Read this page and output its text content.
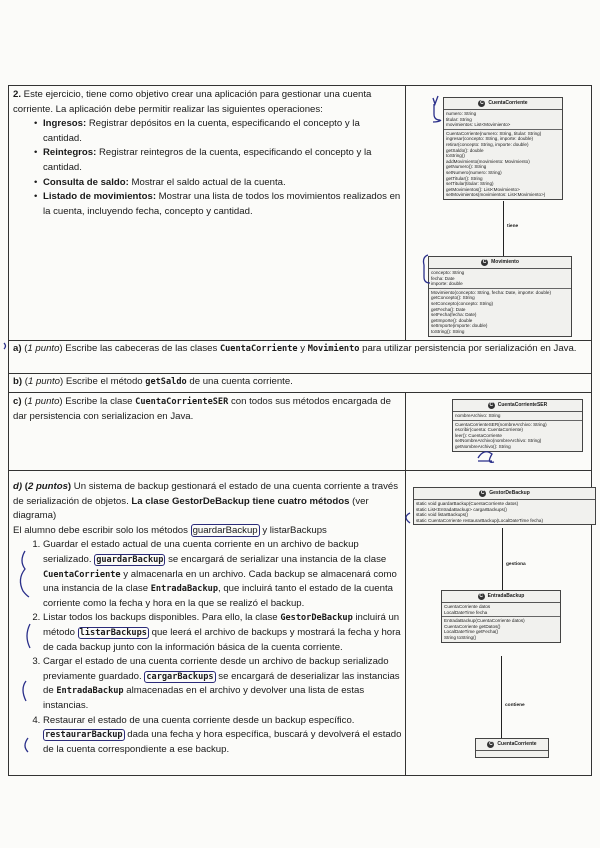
2. Este ejercicio, tiene como objetivo crear una aplicación para gestionar una cuenta corriente. La aplicación debe permitir realizar las siguientes operaciones:
• Ingresos: Registrar depósitos en la cuenta, especificando el concepto y la cantidad.
• Reintegros: Registrar reintegros de la cuenta, especificando el concepto y la cantidad.
• Consulta de saldo: Mostrar el saldo actual de la cuenta.
• Listado de movimientos: Mostrar una lista de todos los movimientos realizados en la cuenta, incluyendo fecha, concepto y cantidad.
C CuentaCorriente
numero: String
titular: String
movimientos: List<Movimiento>
CuentaCorriente(numero: String, titular: String)
ingresar(concepto: String, importe: double)
retirar(concepto: String, importe: double)
getSaldo(): double
toString()
addMovimiento(movimiento: Movimiento)
getNumero(): String
setNumero(numero: String)
getTitular(): String
setTitular(titular: String)
getMovimientos(): List<Movimiento>
setMovimientos(movimientos: List<Movimiento>)
tiene
C Movimiento
concepto: String
fecha: Date
importe: double
Movimiento(concepto: String, fecha: Date, importe: double)
getConcepto(): String
setConcepto(concepto: String)
getFecha(): Date
setFecha(fecha: Date)
getImporte(): double
setImporte(importe: double)
toString(): String
a) (1 punto) Escribe las cabeceras de las clases CuentaCorriente y Movimiento para utilizar persistencia por serialización en Java.
b) (1 punto) Escribe el método getSaldo de una cuenta corriente.
c) (1 punto) Escribe la clase CuentaCorrienteSER con todos sus métodos encargada de dar persistencia con serializacion en Java.
C CuentaCorrienteSER
nombreArchivo: String
CuentaCorrienteSER(nombreArchivo: String)
escribir(cuenta: CuentaCorriente)
leer(): CuentaCorriente
setNombreArchivo(nombreArchivo: String)
getNombreArchivo(): String
d) (2 puntos) Un sistema de backup gestionará el estado de una cuenta corriente a través de serialización de objetos. La clase GestorDeBackup tiene cuatro métodos (ver diagrama)
El alumno debe escribir solo los métodos guardarBackup y listarBackups
1. Guardar el estado actual de una cuenta corriente en un archivo de backup serializado. guardarBackup se encargará de serializar una instancia de la clase CuentaCorriente y almacenarla en un archivo. Cada backup se almacenará como una instancia de la clase EntradaBackup, que incluirá tanto el estado de la cuenta corriente como la fecha y hora en la que se realizó el backup.
2. Listar todos los backups disponibles. Para ello, la clase GestorDeBackup incluirá un método listarBackups que leerá el archivo de backups y mostrará la fecha y hora de cada backup junto con la información básica de la cuenta corriente.
3. Cargar el estado de una cuenta corriente desde un archivo de backup serializado previamente guardado. cargarBackups se encargará de deserializar las instancias de EntradaBackup almacenadas en el archivo y devolver una lista de estas instancias.
4. Restaurar el estado de una cuenta corriente desde un backup específico. restaurarBackup dada una fecha y hora específica, buscará y devolverá el estado de la cuenta correspondiente a ese backup.
C GestorDeBackup
static void guardarBackup(CuentaCorriente datos)
static List<EntradaBackup> cargarBackups()
static void listarBackups()
static CuentaCorriente restaurarBackup(LocalDateTime fecha)
gestiona
C EntradaBackup
CuentaCorriente datos
LocalDateTime fecha
EntradaBackup(CuentaCorriente datos)
CuentaCorriente getDatos()
LocalDateTime getFecha()
String toString()
contiene
C CuentaCorriente
